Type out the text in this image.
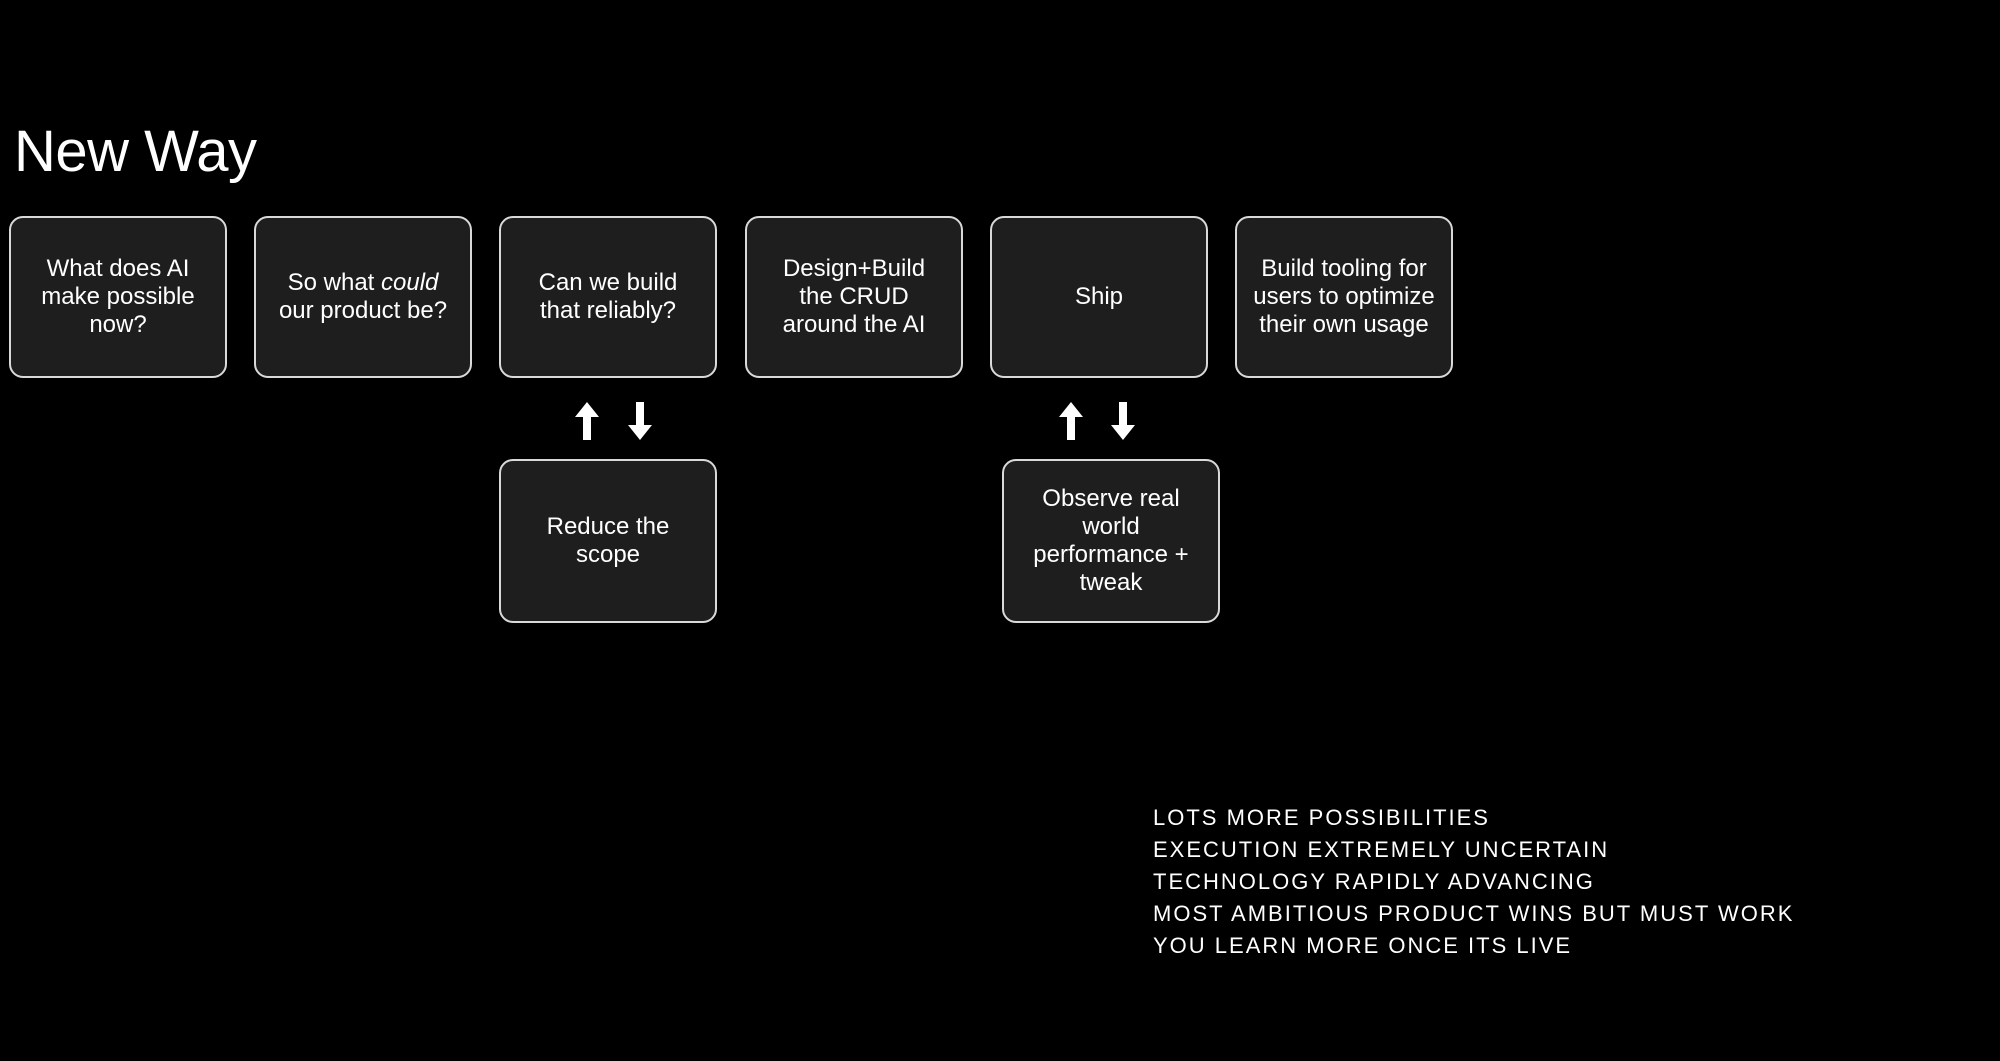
New Way
What does AI make possible now?
So what could our product be?
Can we build that reliably?
Design+Build the CRUD around the AI
Ship
Build tooling for users to optimize their own usage
Reduce the scope
Observe real world performance + tweak
LOTS MORE POSSIBILITIES
EXECUTION EXTREMELY UNCERTAIN
TECHNOLOGY RAPIDLY ADVANCING
MOST AMBITIOUS PRODUCT WINS BUT MUST WORK
YOU LEARN MORE ONCE ITS LIVE
